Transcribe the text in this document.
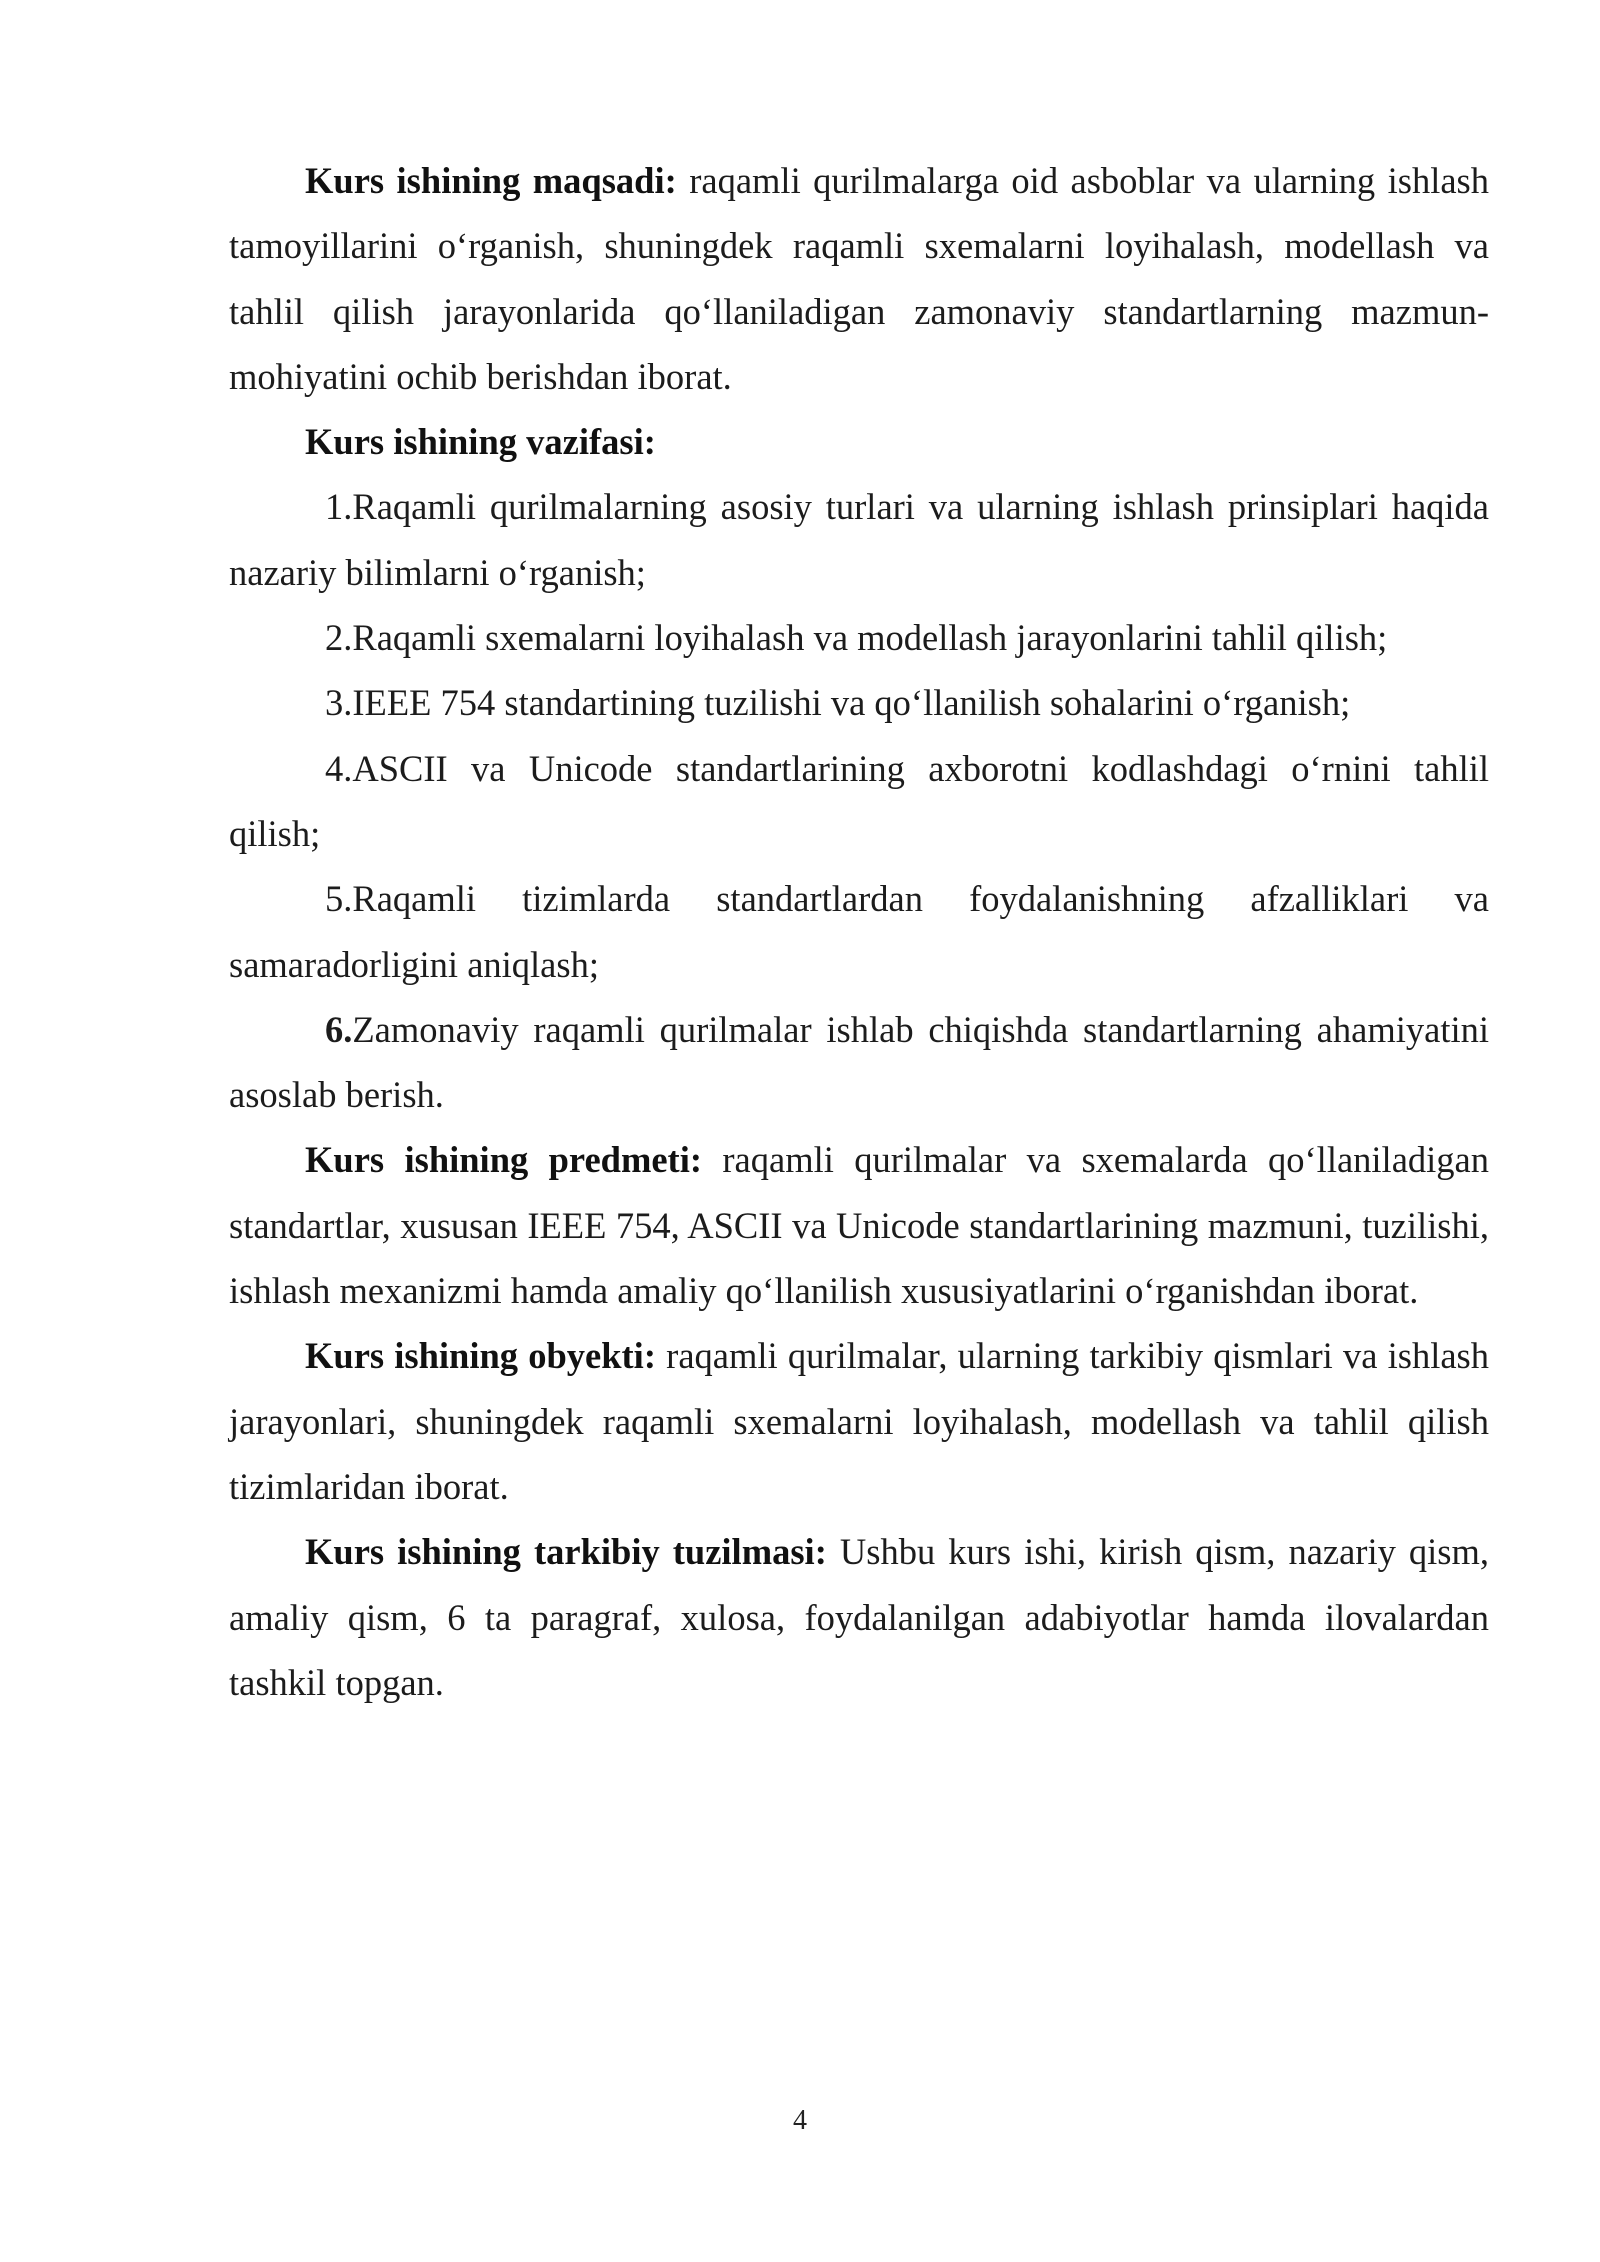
Kurs ishining maqsadi: raqamli qurilmalarga oid asboblar va ularning ishlash tamoyillarini o‘rganish, shuningdek raqamli sxemalarni loyihalash, modellash va tahlil qilish jarayonlarida qo‘llaniladigan zamonaviy standartlarning mazmun-mohiyatini ochib berishdan iborat.

Kurs ishining vazifasi:

1.Raqamli qurilmalarning asosiy turlari va ularning ishlash prinsiplari haqida nazariy bilimlarni o‘rganish;

2.Raqamli sxemalarni loyihalash va modellash jarayonlarini tahlil qilish;

3.IEEE 754 standartining tuzilishi va qo‘llanilish sohalarini o‘rganish;

4.ASCII va Unicode standartlarining axborotni kodlashdagi o‘rnini tahlil qilish;

5.Raqamli tizimlarda standartlardan foydalanishning afzalliklari va samaradorligini aniqlash;

6.Zamonaviy raqamli qurilmalar ishlab chiqishda standartlarning ahamiyatini asoslab berish.

Kurs ishining predmeti: raqamli qurilmalar va sxemalarda qo‘llaniladigan standartlar, xususan IEEE 754, ASCII va Unicode standartlarining mazmuni, tuzilishi, ishlash mexanizmi hamda amaliy qo‘llanilish xususiyatlarini o‘rganishdan iborat.

Kurs ishining obyekti: raqamli qurilmalar, ularning tarkibiy qismlari va ishlash jarayonlari, shuningdek raqamli sxemalarni loyihalash, modellash va tahlil qilish tizimlaridan iborat.

Kurs ishining tarkibiy tuzilmasi: Ushbu kurs ishi, kirish qism, nazariy qism, amaliy qism, 6 ta paragraf, xulosa, foydalanilgan adabiyotlar hamda ilovalardan tashkil topgan.

4
